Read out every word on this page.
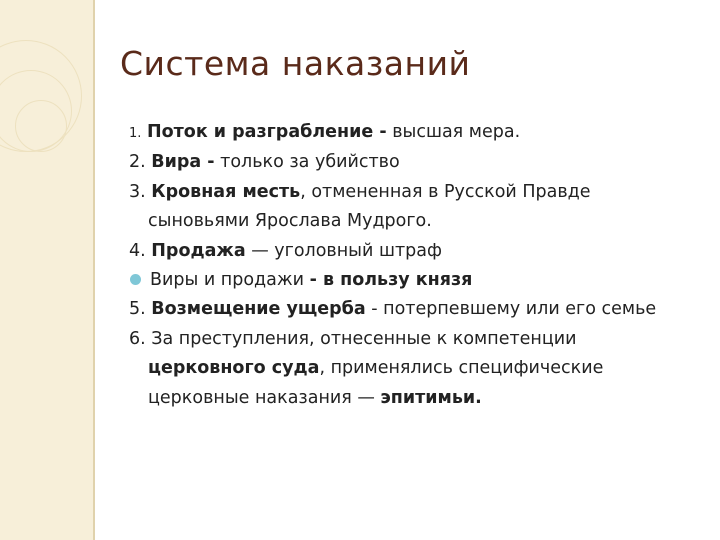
Система наказаний
1. Поток и разграбление - высшая мера.
2. Вира - только за убийство
3. Кровная месть, отмененная в Русской Правде
сыновьями Ярослава Мудрого.
4. Продажа — уголовный штраф
Виры и продажи - в пользу князя
5. Возмещение ущерба - потерпевшему или его семье
6. За преступления, отнесенные к компетенции
церковного суда, применялись специфические
церковные наказания — эпитимьи.
